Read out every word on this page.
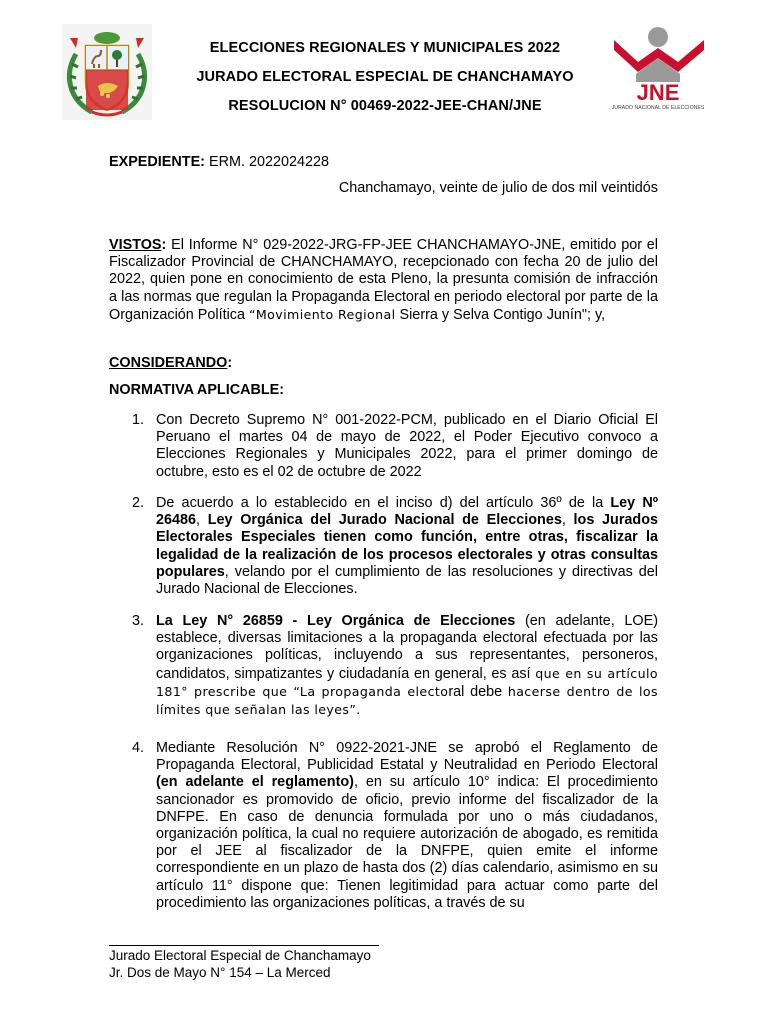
ELECCIONES REGIONALES Y MUNICIPALES 2022
JURADO ELECTORAL ESPECIAL DE CHANCHAMAYO
RESOLUCION N° 00469-2022-JEE-CHAN/JNE
JNE
JURADO NACIONAL DE ELECCIONES
EXPEDIENTE: ERM. 2022024228
Chanchamayo, veinte de julio de dos mil veintidós
VISTOS: El Informe N° 029-2022-JRG-FP-JEE CHANCHAMAYO-JNE, emitido por el Fiscalizador Provincial de CHANCHAMAYO, recepcionado con fecha 20 de julio del 2022, quien pone en conocimiento de esta Pleno, la presunta comisión de infracción a las normas que regulan la Propaganda Electoral en periodo electoral por parte de la Organización Política “Movimiento Regional Sierra y Selva Contigo Junín"; y,
CONSIDERANDO:
NORMATIVA APLICABLE:
1. Con Decreto Supremo N° 001-2022-PCM, publicado en el Diario Oficial El Peruano el martes 04 de mayo de 2022, el Poder Ejecutivo convoco a Elecciones Regionales y Municipales 2022, para el primer domingo de octubre, esto es el 02 de octubre de 2022
2. De acuerdo a lo establecido en el inciso d) del artículo 36º de la Ley Nº 26486, Ley Orgánica del Jurado Nacional de Elecciones, los Jurados Electorales Especiales tienen como función, entre otras, fiscalizar la legalidad de la realización de los procesos electorales y otras consultas populares, velando por el cumplimiento de las resoluciones y directivas del Jurado Nacional de Elecciones.
3. La Ley N° 26859 - Ley Orgánica de Elecciones (en adelante, LOE) establece, diversas limitaciones a la propaganda electoral efectuada por las organizaciones políticas, incluyendo a sus representantes, personeros, candidatos, simpatizantes y ciudadanía en general, es así que en su artículo 181° prescribe que “La propaganda electoral debe hacerse dentro de los límites que señalan las leyes”.
4. Mediante Resolución N° 0922-2021-JNE se aprobó el Reglamento de Propaganda Electoral, Publicidad Estatal y Neutralidad en Periodo Electoral (en adelante el reglamento), en su artículo 10° indica: El procedimiento sancionador es promovido de oficio, previo informe del fiscalizador de la DNFPE. En caso de denuncia formulada por uno o más ciudadanos, organización política, la cual no requiere autorización de abogado, es remitida por el JEE al fiscalizador de la DNFPE, quien emite el informe correspondiente en un plazo de hasta dos (2) días calendario, asimismo en su artículo 11° dispone que: Tienen legitimidad para actuar como parte del procedimiento las organizaciones políticas, a través de su
Jurado Electoral Especial de Chanchamayo
Jr. Dos de Mayo N° 154 – La Merced
